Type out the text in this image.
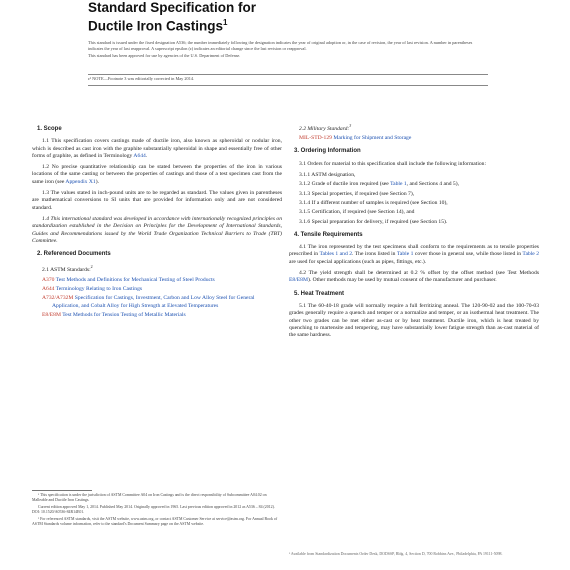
Standard Specification for
Ductile Iron Castings$^1$

This standard is issued under the fixed designation A536; the number immediately following the designation indicates the year of original adoption or, in the case of revision, the year of last revision. A number in parentheses indicates the year of last reapproval. A superscript epsilon (ε) indicates an editorial change since the last revision or reapproval.

This standard has been approved for use by agencies of the U.S. Department of Defense.

ε¹ NOTE—Footnote 3 was editorially corrected in May 2014.
1. Scope

1.1 This specification covers castings made of ductile iron, also known as spheroidal or nodular iron, which is described as cast iron with the graphite substantially spheroidal in shape and essentially free of other forms of graphite, as defined in Terminology A644.

1.2 No precise quantitative relationship can be stated between the properties of the iron in various locations of the same casting or between the properties of castings and those of a test specimen cast from the same iron (see Appendix X1).

1.3 The values stated in inch-pound units are to be regarded as standard. The values given in parentheses are mathematical conversions to SI units that are provided for information only and are not considered standard.

1.4 This international standard was developed in accordance with internationally recognized principles on standardization established in the Decision on Principles for the Development of International Standards, Guides and Recommendations issued by the World Trade Organization Technical Barriers to Trade (TBT) Committee.

2. Referenced Documents
2.1 ASTM Standards:$^2$
A370 Test Methods and Definitions for Mechanical Testing of Steel Products
A644 Terminology Relating to Iron Castings
A732/A732M Specification for Castings, Investment, Carbon and Low Alloy Steel for General Application, and Cobalt Alloy for High Strength at Elevated Temperatures
E8/E8M Test Methods for Tension Testing of Metallic Materials

¹ This specification is under the jurisdiction of ASTM Committee A04 on Iron Castings and is the direct responsibility of Subcommittee A04.02 on Malleable and Ductile Iron Castings.

Current edition approved May 1, 2014. Published May 2014. Originally approved in 1965. Last previous edition approved in 2012 as A536 – 84 (2012). DOI: 10.1520/A0536-84R14E01.

² For referenced ASTM standards, visit the ASTM website, www.astm.org, or contact ASTM Customer Service at service@astm.org. For Annual Book of ASTM Standards volume information, refer to the standard's Document Summary page on the ASTM website.

2.2 Military Standard:$^3$
MIL-STD-129 Marking for Shipment and Storage
3. Ordering Information

3.1 Orders for material to this specification shall include the following information:

3.1.1 ASTM designation,

3.1.2 Grade of ductile iron required (see Table 1, and Sections 4 and 5),

3.1.3 Special properties, if required (see Section 7),

3.1.4 If a different number of samples is required (see Section 10),

3.1.5 Certification, if required (see Section 14), and

3.1.6 Special preparation for delivery, if required (see Section 15).

4. Tensile Requirements

4.1 The iron represented by the test specimens shall conform to the requirements as to tensile properties prescribed in Tables 1 and 2. The irons listed in Table 1 cover those in general use, while those listed in Table 2 are used for special applications (such as pipes, fittings, etc.).

4.2 The yield strength shall be determined at 0.2 % offset by the offset method (see Test Methods E8/E8M). Other methods may be used by mutual consent of the manufacturer and purchaser.

5. Heat Treatment

5.1 The 60-40-18 grade will normally require a full ferritizing anneal. The 120-90-02 and the 100-70-03 grades generally require a quench and temper or a normalize and temper, or an isothermal heat treatment. The other two grades can be met either as-cast or by heat treatment. Ductile iron, which is heat treated by quenching to martensite and tempering, may have substantially lower fatigue strength than as-cast material of the same hardness.

³ Available from Standardization Documents Order Desk, DODSSP, Bldg. 4, Section D, 700 Robbins Ave., Philadelphia, PA 19111-5098.
